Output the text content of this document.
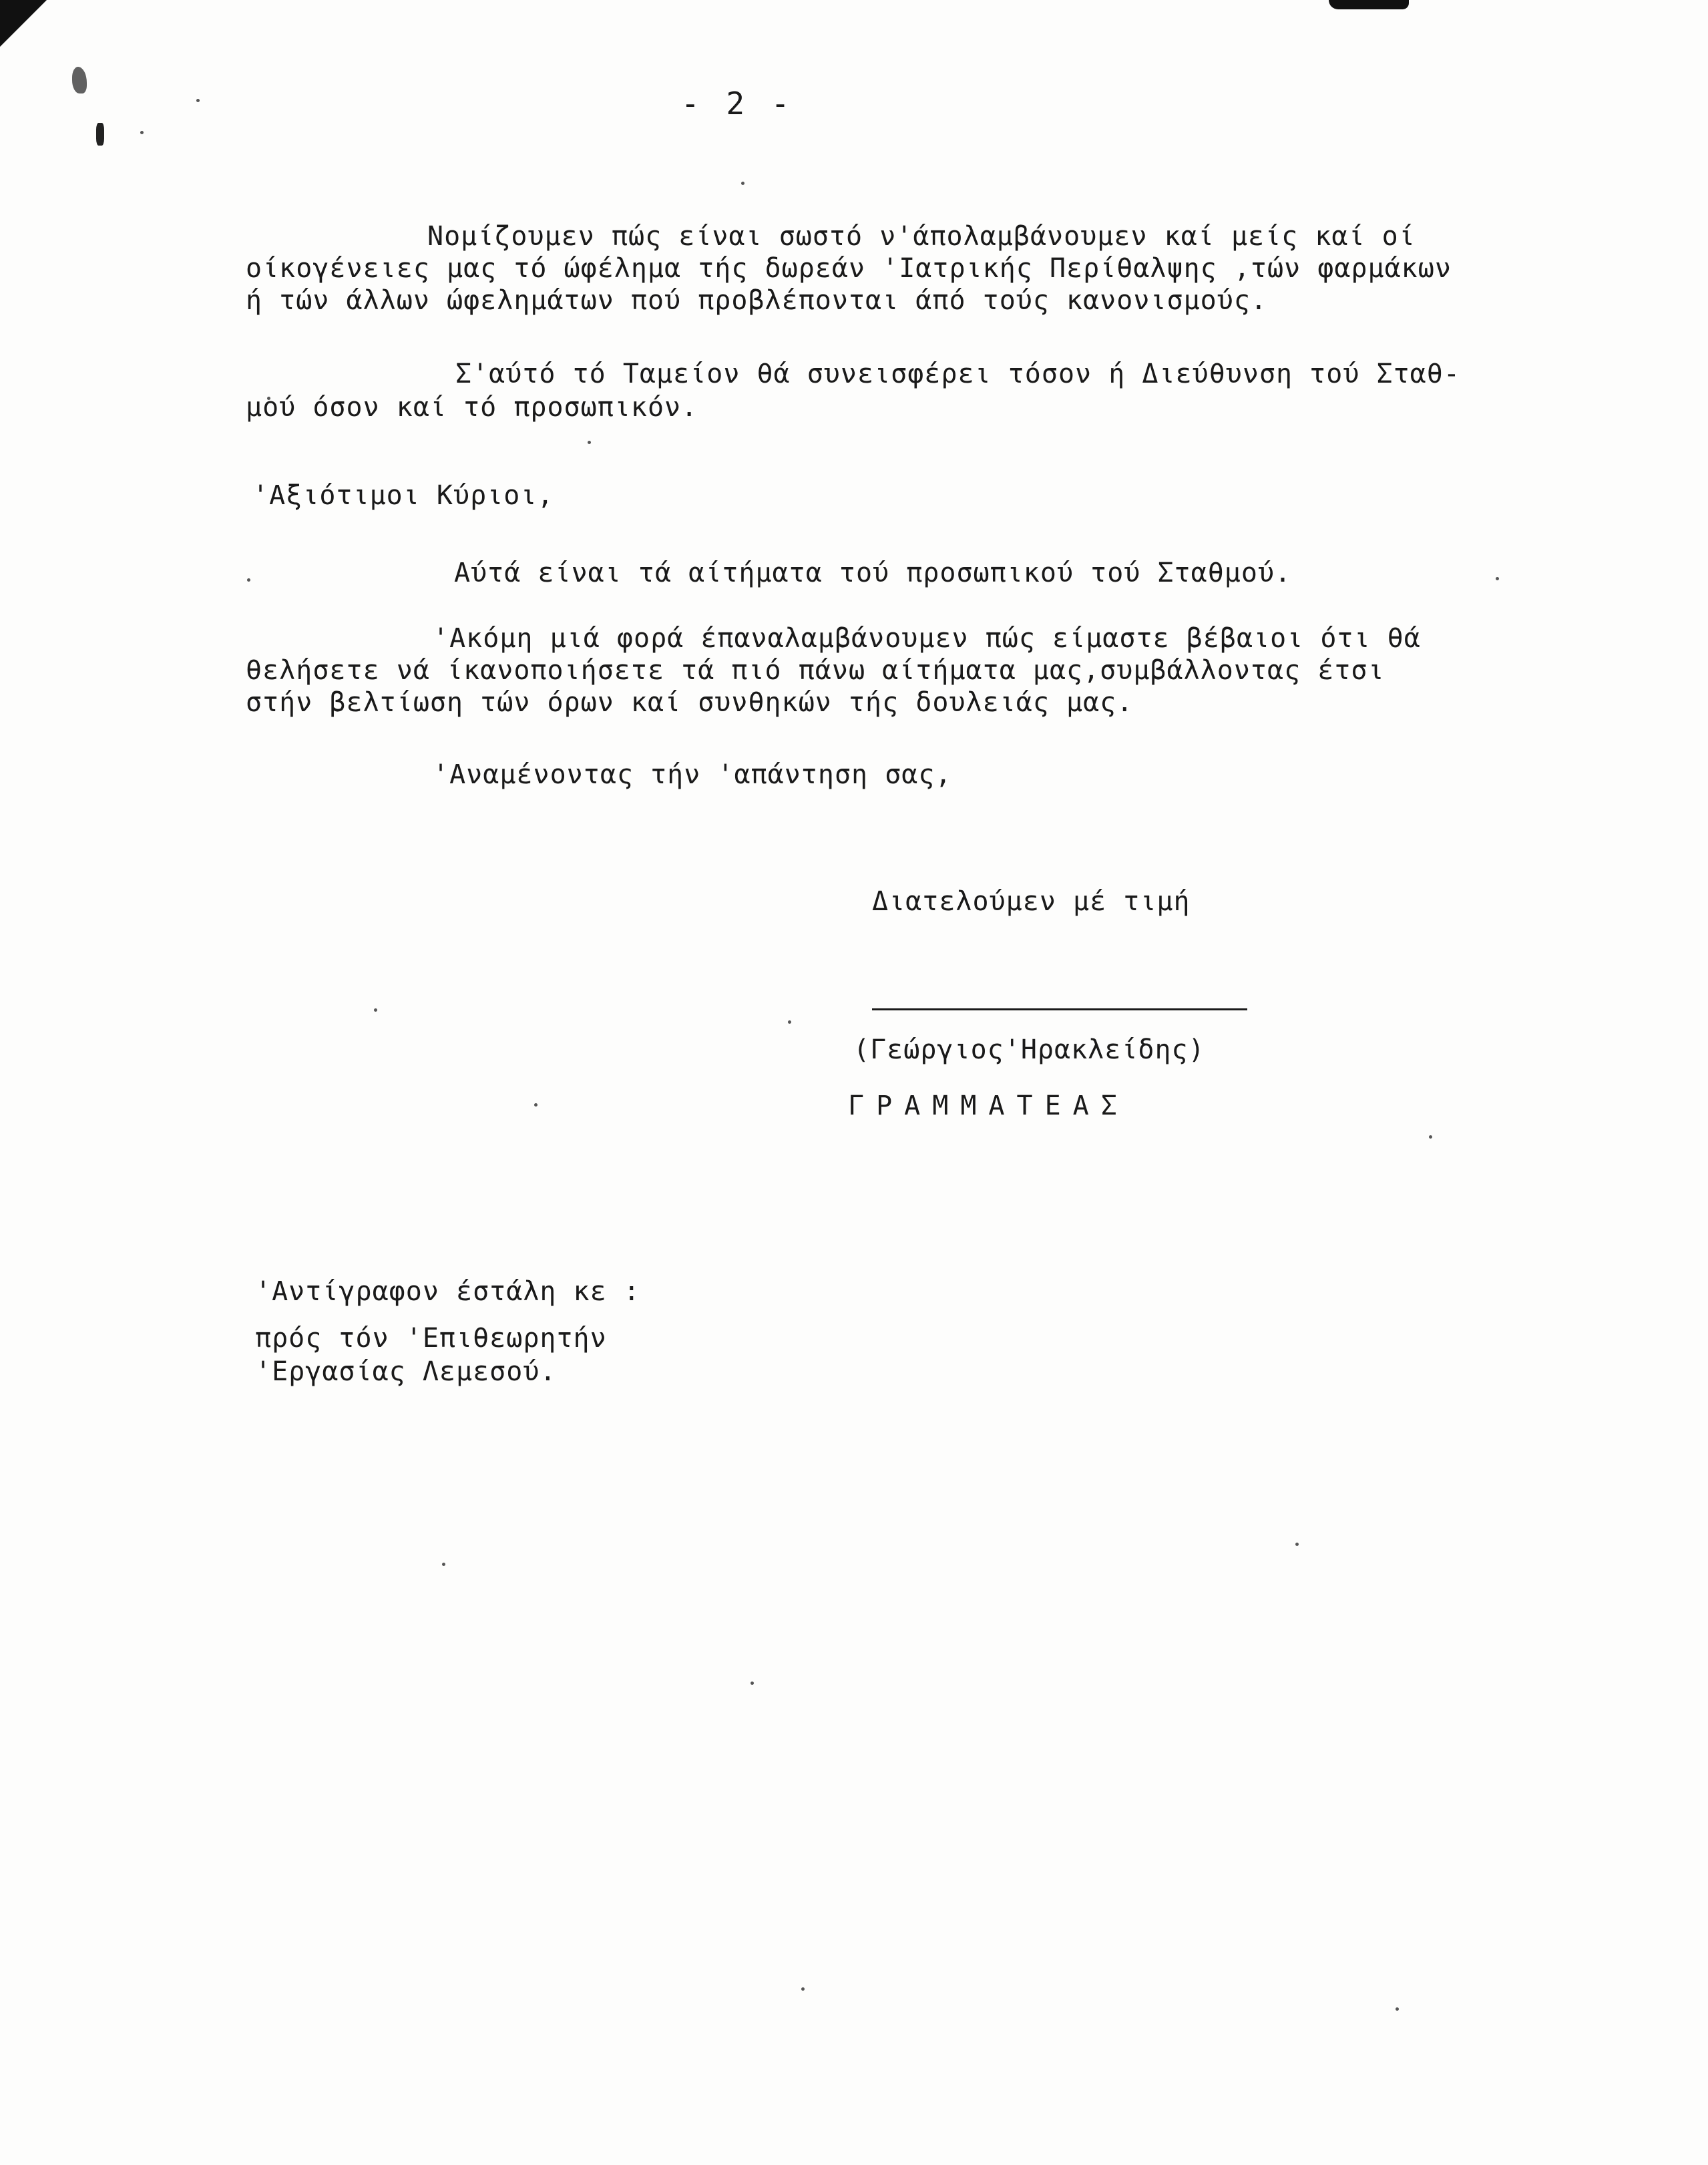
- 2 -
Νομίζουμεν πώς είναι σωστό ν'άπολαμβάνουμεν καί μείς καί οί
οίκογένειες μας τό ώφέλημα τής δωρεάν 'Ιατρικής Περίθαλψης ,τών φαρμάκων
ή τών άλλων ώφελημάτων πού προβλέπονται άπό τούς κανονισμούς.
Σ'αύτό τό Ταμείον θά συνεισφέρει τόσον ή Διεύθυνση τού Σταθ-
μού όσον καί τό προσωπικόν.
'Αξιότιμοι Κύριοι,
Αύτά είναι τά αίτήματα τού προσωπικού τού Σταθμού.
'Ακόμη μιά φορά έπαναλαμβάνουμεν πώς είμαστε βέβαιοι ότι θά
θελήσετε νά ίκανοποιήσετε τά πιό πάνω αίτήματα μας,συμβάλλοντας έτσι
στήν βελτίωση τών όρων καί συνθηκών τής δουλειάς μας.
'Αναμένοντας τήν 'απάντηση σας,
Διατελούμεν μέ τιμή
(Γεώργιος'Ηρακλείδης)
ΓΡΑΜΜΑΤΕΑΣ
'Αντίγραφον έστάλη κε :
πρός τόν 'Επιθεωρητήν
'Εργασίας Λεμεσού.
